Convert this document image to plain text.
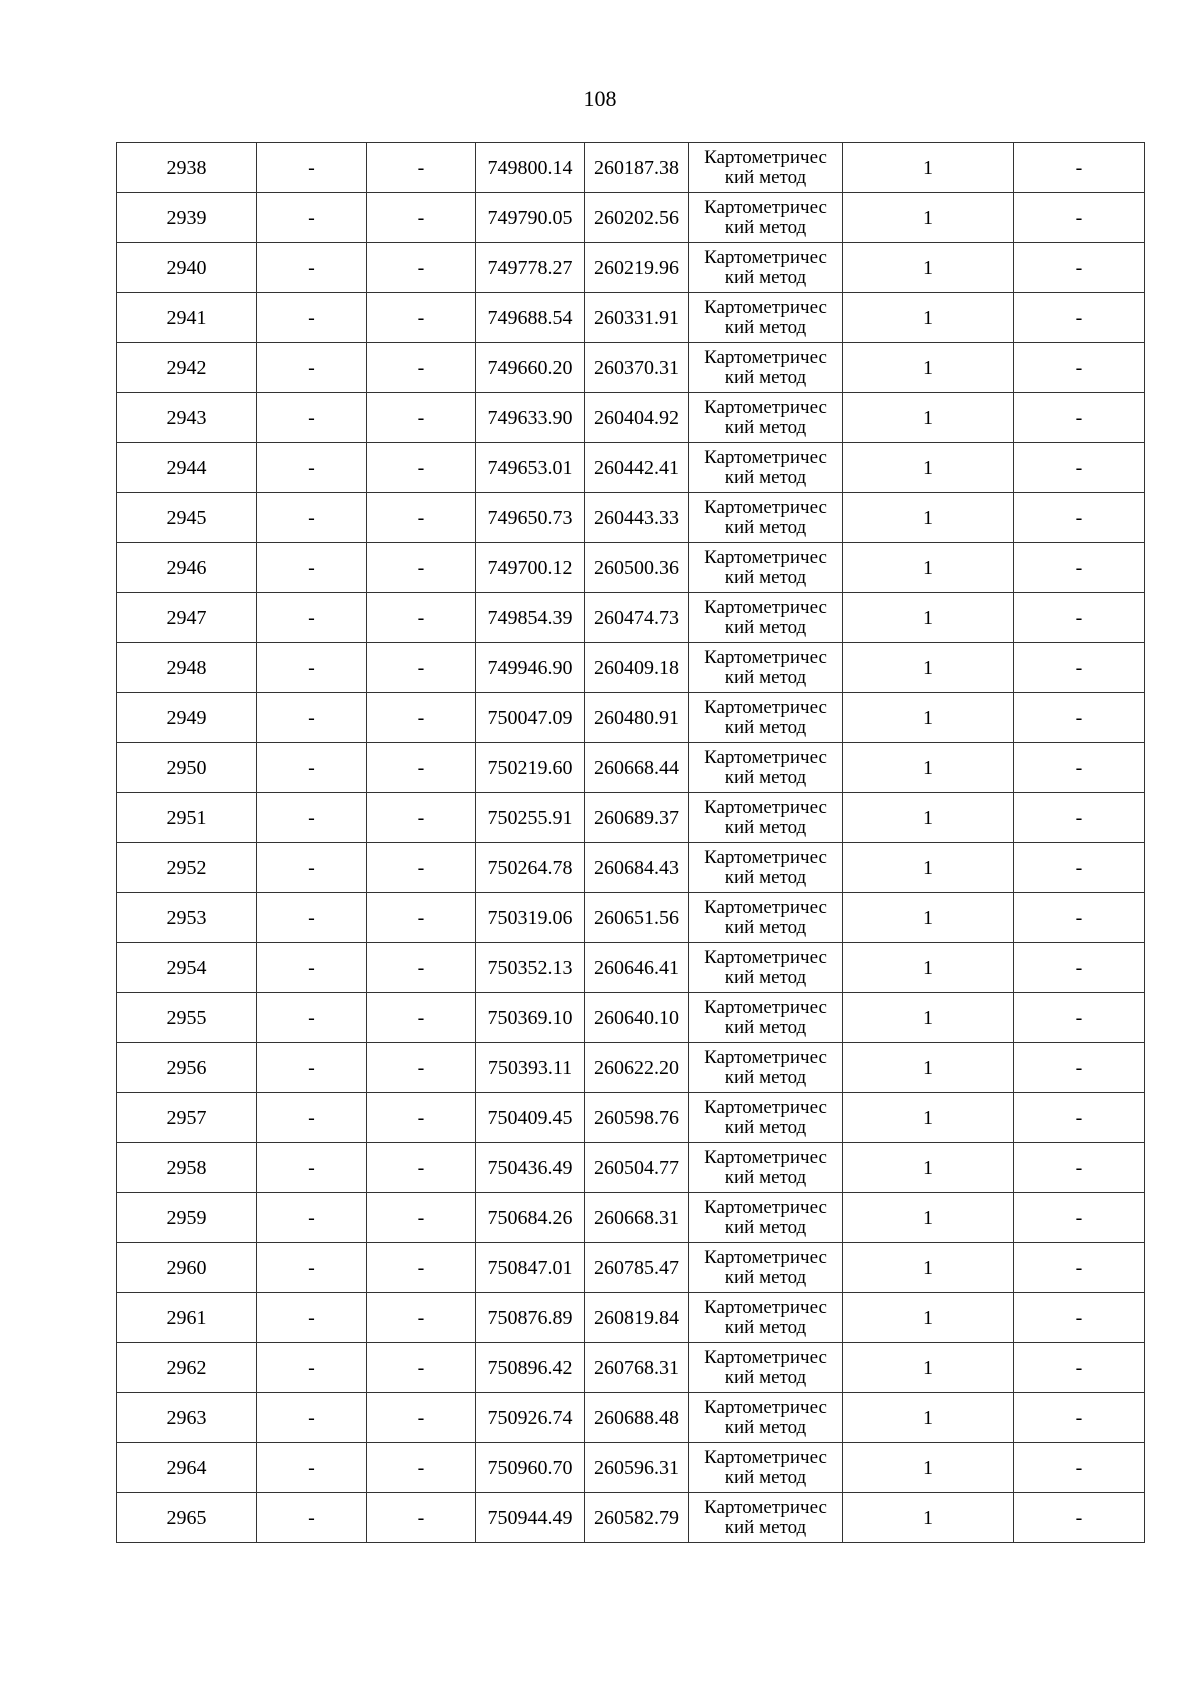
108
2938	-	-	749800.14	260187.38	Картометричес
кий метод	1	-
2939	-	-	749790.05	260202.56	Картометричес
кий метод	1	-
2940	-	-	749778.27	260219.96	Картометричес
кий метод	1	-
2941	-	-	749688.54	260331.91	Картометричес
кий метод	1	-
2942	-	-	749660.20	260370.31	Картометричес
кий метод	1	-
2943	-	-	749633.90	260404.92	Картометричес
кий метод	1	-
2944	-	-	749653.01	260442.41	Картометричес
кий метод	1	-
2945	-	-	749650.73	260443.33	Картометричес
кий метод	1	-
2946	-	-	749700.12	260500.36	Картометричес
кий метод	1	-
2947	-	-	749854.39	260474.73	Картометричес
кий метод	1	-
2948	-	-	749946.90	260409.18	Картометричес
кий метод	1	-
2949	-	-	750047.09	260480.91	Картометричес
кий метод	1	-
2950	-	-	750219.60	260668.44	Картометричес
кий метод	1	-
2951	-	-	750255.91	260689.37	Картометричес
кий метод	1	-
2952	-	-	750264.78	260684.43	Картометричес
кий метод	1	-
2953	-	-	750319.06	260651.56	Картометричес
кий метод	1	-
2954	-	-	750352.13	260646.41	Картометричес
кий метод	1	-
2955	-	-	750369.10	260640.10	Картометричес
кий метод	1	-
2956	-	-	750393.11	260622.20	Картометричес
кий метод	1	-
2957	-	-	750409.45	260598.76	Картометричес
кий метод	1	-
2958	-	-	750436.49	260504.77	Картометричес
кий метод	1	-
2959	-	-	750684.26	260668.31	Картометричес
кий метод	1	-
2960	-	-	750847.01	260785.47	Картометричес
кий метод	1	-
2961	-	-	750876.89	260819.84	Картометричес
кий метод	1	-
2962	-	-	750896.42	260768.31	Картометричес
кий метод	1	-
2963	-	-	750926.74	260688.48	Картометричес
кий метод	1	-
2964	-	-	750960.70	260596.31	Картометричес
кий метод	1	-
2965	-	-	750944.49	260582.79	Картометричес
кий метод	1	-
